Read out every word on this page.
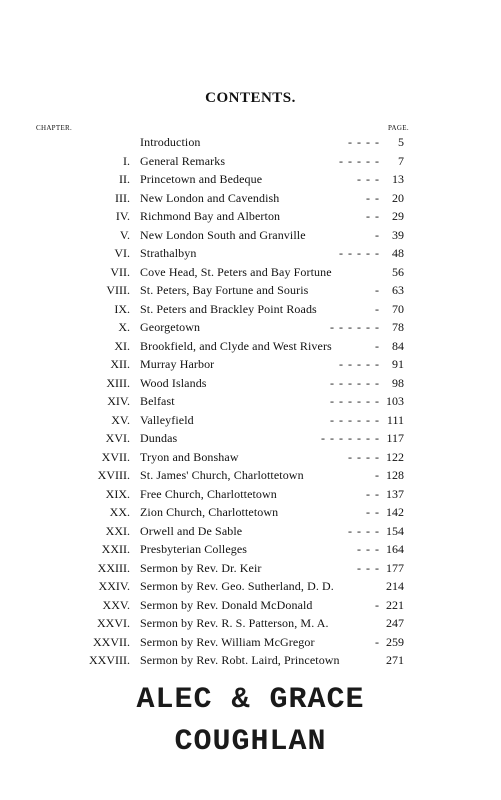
CONTENTS.
CHAPTER.	PAGE.
Introduction	- - - - 5
I. General Remarks	- - - - - 7
II. Princetown and Bedeque	- - - 13
III. New London and Cavendish	- - 20
IV. Richmond Bay and Alberton	- - 29
V. New London South and Granville	- 39
VI. Strathalbyn	- - - - - 48
VII. Cove Head, St. Peters and Bay Fortune	56
VIII. St. Peters, Bay Fortune and Souris	- 63
IX. St. Peters and Brackley Point Roads	- 70
X. Georgetown	- - - - - - 78
XI. Brookfield, and Clyde and West Rivers	- 84
XII. Murray Harbor	- - - - - 91
XIII. Wood Islands	- - - - - - 98
XIV. Belfast	- - - - - - 103
XV. Valleyfield	- - - - - - 111
XVI. Dundas	- - - - - - - 117
XVII. Tryon and Bonshaw	- - - - 122
XVIII. St. James' Church, Charlottetown	- 128
XIX. Free Church, Charlottetown	- - 137
XX. Zion Church, Charlottetown	- - 142
XXI. Orwell and De Sable	- - - - 154
XXII. Presbyterian Colleges	- - - 164
XXIII. Sermon by Rev. Dr. Keir	- - - 177
XXIV. Sermon by Rev. Geo. Sutherland, D. D.	214
XXV. Sermon by Rev. Donald McDonald	- 221
XXVI. Sermon by Rev. R. S. Patterson, M. A.	247
XXVII. Sermon by Rev. William McGregor	- 259
XXVIII. Sermon by Rev. Robt. Laird, Princetown	271
ALEC & GRACE
COUGHLAN
